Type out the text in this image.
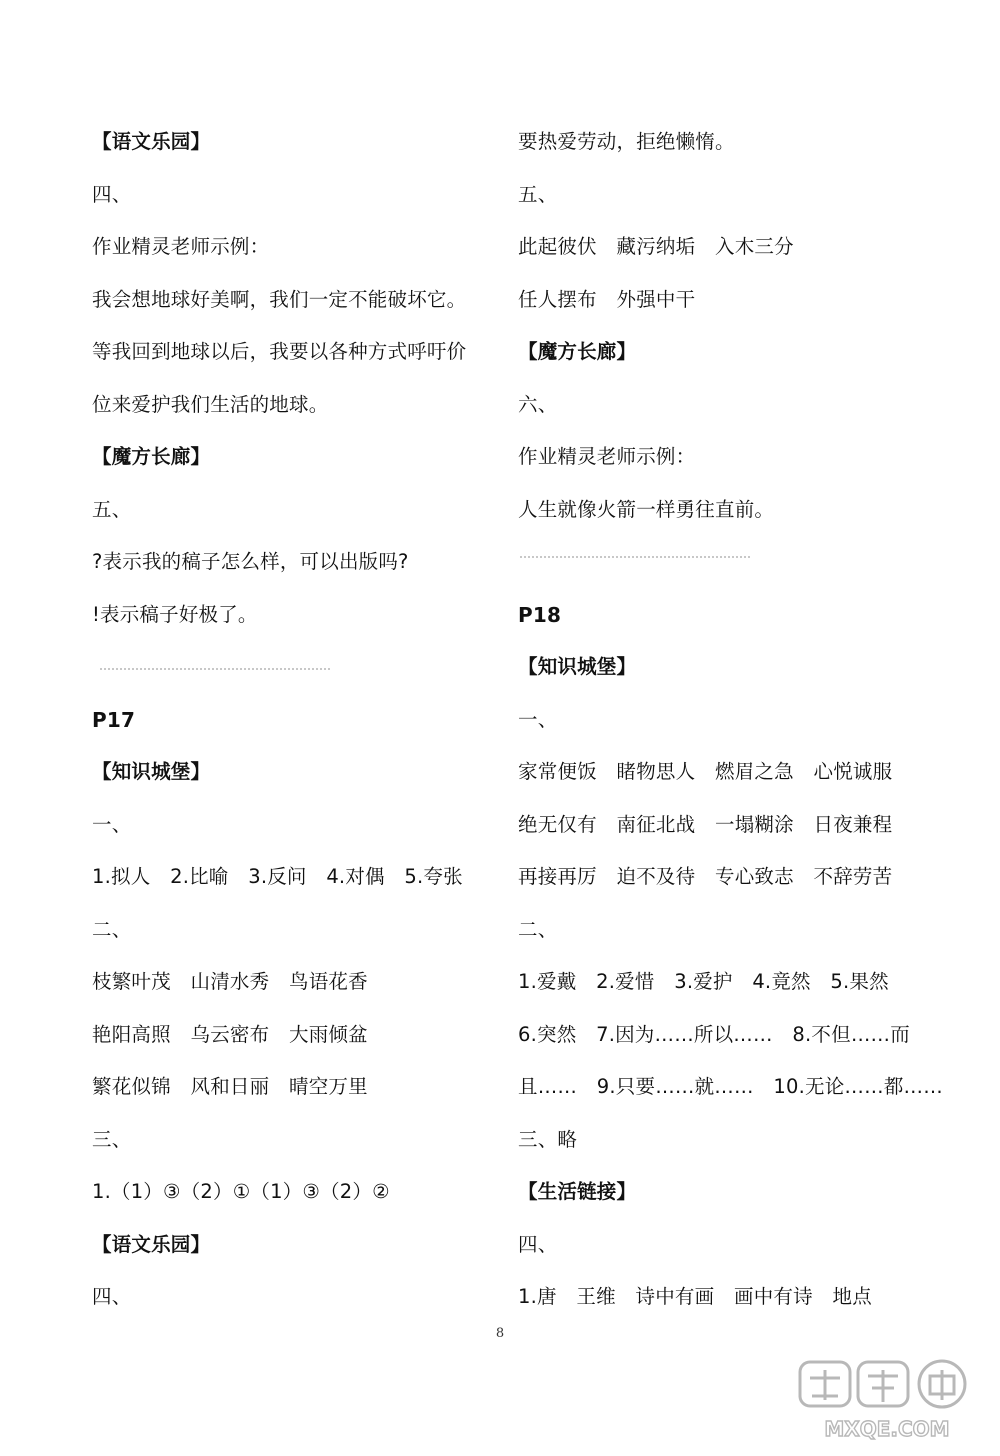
【语文乐园】
四、
作业精灵老师示例：
我会想地球好美啊，我们一定不能破坏它。
等我回到地球以后，我要以各种方式呼吁价
位来爱护我们生活的地球。
【魔方长廊】
五、
?表示我的稿子怎么样，可以出版吗?
!表示稿子好极了。
P17
【知识城堡】
一、
1.拟人　2.比喻　3.反问　4.对偶　5.夸张
二、
枝繁叶茂　山清水秀　鸟语花香
艳阳高照　乌云密布　大雨倾盆
繁花似锦　风和日丽　晴空万里
三、
1.（1）③（2）①（1）③（2）②
【语文乐园】
四、
要热爱劳动，拒绝懒惰。
五、
此起彼伏　藏污纳垢　入木三分
任人摆布　外强中干
【魔方长廊】
六、
作业精灵老师示例：
人生就像火箭一样勇往直前。
P18
【知识城堡】
一、
家常便饭　睹物思人　燃眉之急　心悦诚服
绝无仅有　南征北战　一塌糊涂　日夜兼程
再接再厉　迫不及待　专心致志　不辞劳苦
二、
1.爱戴　2.爱惜　3.爱护　4.竟然　5.果然
6.突然　7.因为……所以……　8.不但……而
且……　9.只要……就……　10.无论……都……
三、略
【生活链接】
四、
1.唐　王维　诗中有画　画中有诗　地点
8
MXQE.COM
